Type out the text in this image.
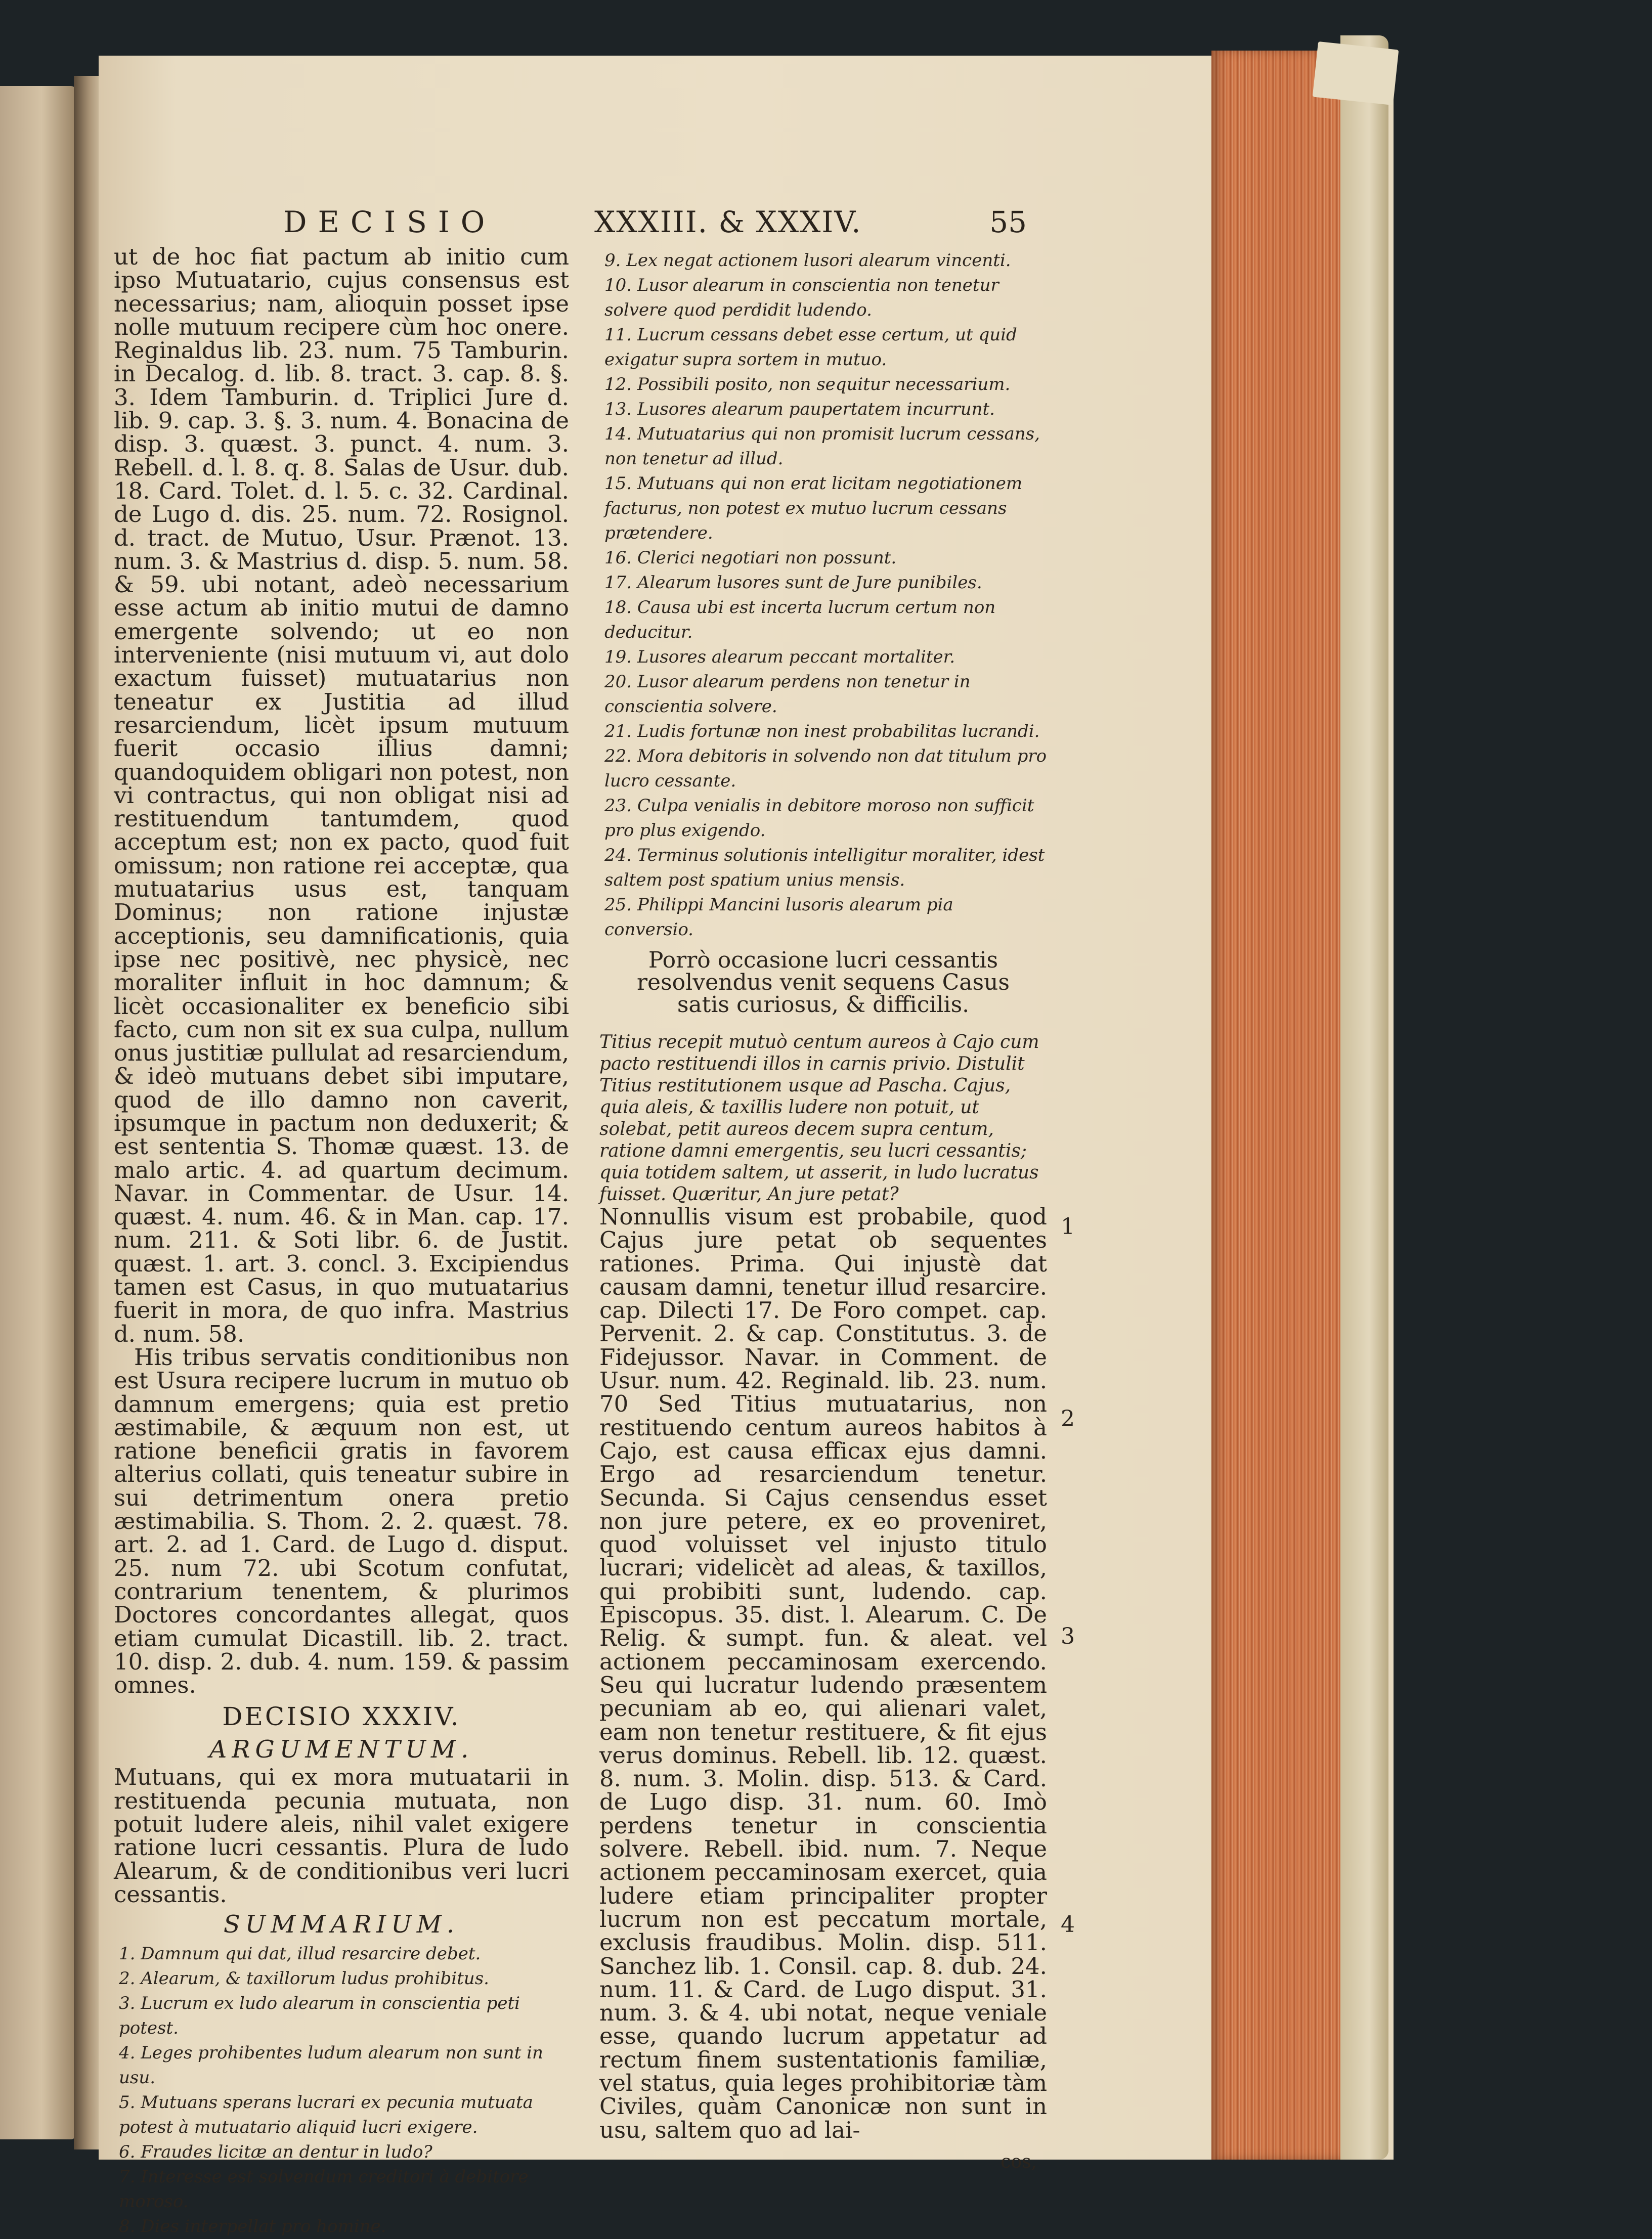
DECISIO	XXXIII. & XXXIV.	55

ut de hoc fiat pactum ab initio cum ipso Mutuatario, cujus consensus est necessarius; nam, alioquin posset ipse nolle mutuum recipere cùm hoc onere. Reginaldus lib. 23. num. 75 Tamburin. in Decalog. d. lib. 8. tract. 3. cap. 8. §. 3. Idem Tamburin. d. Triplici Jure d. lib. 9. cap. 3. §. 3. num. 4. Bonacina de disp. 3. quæst. 3. punct. 4. num. 3. Rebell. d. l. 8. q. 8. Salas de Usur. dub. 18. Card. Tolet. d. l. 5. c. 32. Cardinal. de Lugo d. dis. 25. num. 72. Rosignol. d. tract. de Mutuo, Usur. Prænot. 13. num. 3. & Mastrius d. disp. 5. num. 58. & 59. ubi notant, adeò necessarium esse actum ab initio mutui de damno emergente solvendo; ut eo non interveniente (nisi mutuum vi, aut dolo exactum fuisset) mutuatarius non teneatur ex Justitia ad illud resarciendum, licèt ipsum mutuum fuerit occasio illius damni; quandoquidem obligari non potest, non vi contractus, qui non obligat nisi ad restituendum tantumdem, quod acceptum est; non ex pacto, quod fuit omissum; non ratione rei acceptæ, qua mutuatarius usus est, tanquam Dominus; non ratione injustæ acceptionis, seu damnificationis, quia ipse nec positivè, nec physicè, nec moraliter influit in hoc damnum; & licèt occasionaliter ex beneficio sibi facto, cum non sit ex sua culpa, nullum onus justitiæ pullulat ad resarciendum, & ideò mutuans debet sibi imputare, quod de illo damno non caverit, ipsumque in pactum non deduxerit; & est sententia S. Thomæ quæst. 13. de malo artic. 4. ad quartum decimum. Navar. in Commentar. de Usur. 14. quæst. 4. num. 46. & in Man. cap. 17. num. 211. & Soti libr. 6. de Justit. quæst. 1. art. 3. concl. 3. Excipiendus tamen est Casus, in quo mutuatarius fuerit in mora, de quo infra. Mastrius d. num. 58.

His tribus servatis conditionibus non est Usura recipere lucrum in mutuo ob damnum emergens; quia est pretio æstimabile, & æquum non est, ut ratione beneficii gratis in favorem alterius collati, quis teneatur subire in sui detrimentum onera pretio æstimabilia. S. Thom. 2. 2. quæst. 78. art. 2. ad 1. Card. de Lugo d. disput. 25. num 72. ubi Scotum confutat, contrarium tenentem, & plurimos Doctores concordantes allegat, quos etiam cumulat Dicastill. lib. 2. tract. 10. disp. 2. dub. 4. num. 159. & passim omnes.

DECISIO XXXIV.
ARGUMENTUM.

Mutuans, qui ex mora mutuatarii in restituenda pecunia mutuata, non potuit ludere aleis, nihil valet exigere ratione lucri cessantis. Plura de ludo Alearum, & de conditionibus veri lucri cessantis.

SUMMARIUM.
1. Damnum qui dat, illud resarcire debet.
2. Alearum, & taxillorum ludus prohibitus.
3. Lucrum ex ludo alearum in conscientia peti potest.
4. Leges prohibentes ludum alearum non sunt in usu.
5. Mutuans sperans lucrari ex pecunia mutuata potest à mutuatario aliquid lucri exigere.
6. Fraudes licitæ an dentur in ludo?
7. Interesse est solvendum creditori à debitore moroso.
8. Dies interpellat pro homine.
9. Lex negat actionem lusori alearum vincenti.
10. Lusor alearum in conscientia non tenetur solvere quod perdidit ludendo.
11. Lucrum cessans debet esse certum, ut quid exigatur supra sortem in mutuo.
12. Possibili posito, non sequitur necessarium.
13. Lusores alearum paupertatem incurrunt.
14. Mutuatarius qui non promisit lucrum cessans, non tenetur ad illud.
15. Mutuans qui non erat licitam negotiationem facturus, non potest ex mutuo lucrum cessans prætendere.
16. Clerici negotiari non possunt.
17. Alearum lusores sunt de Jure punibiles.
18. Causa ubi est incerta lucrum certum non deducitur.
19. Lusores alearum peccant mortaliter.
20. Lusor alearum perdens non tenetur in conscientia solvere.
21. Ludis fortunæ non inest probabilitas lucrandi.
22. Mora debitoris in solvendo non dat titulum pro lucro cessante.
23. Culpa venialis in debitore moroso non sufficit pro plus exigendo.
24. Terminus solutionis intelligitur moraliter, idest saltem post spatium unius mensis.
25. Philippi Mancini lusoris alearum pia conversio.
Porrò occasione lucri cessantis resolvendus venit sequens Casus satis curiosus, & difficilis.

Titius recepit mutuò centum aureos à Cajo cum pacto restituendi illos in carnis privio. Distulit Titius restitutionem usque ad Pascha. Cajus, quia aleis, & taxillis ludere non potuit, ut solebat, petit aureos decem supra centum, ratione damni emergentis, seu lucri cessantis; quia totidem saltem, ut asserit, in ludo lucratus fuisset. Quæritur, An jure petat?

Nonnullis visum est probabile, quod Cajus jure petat ob sequentes rationes. Prima. Qui injustè dat causam damni, tenetur illud resarcire. cap. Dilecti 17. De Foro compet. cap. Pervenit. 2. & cap. Constitutus. 3. de Fidejussor. Navar. in Comment. de Usur. num. 42. Reginald. lib. 23. num. 70 Sed Titius mutuatarius, non restituendo centum aureos habitos à Cajo, est causa efficax ejus damni. Ergo ad resarciendum tenetur. Secunda. Si Cajus censendus esset non jure petere, ex eo proveniret, quod voluisset vel injusto titulo lucrari; videlicèt ad aleas, & taxillos, qui probibiti sunt, ludendo. cap. Episcopus. 35. dist. l. Alearum. C. De Relig. & sumpt. fun. & aleat. vel actionem peccaminosam exercendo. Seu qui lucratur ludendo præsentem pecuniam ab eo, qui alienari valet, eam non tenetur restituere, & fit ejus verus dominus. Rebell. lib. 12. quæst. 8. num. 3. Molin. disp. 513. & Card. de Lugo disp. 31. num. 60. Imò perdens tenetur in conscientia solvere. Rebell. ibid. num. 7. Neque actionem peccaminosam exercet, quia ludere etiam principaliter propter lucrum non est peccatum mortale, exclusis fraudibus. Molin. disp. 511. Sanchez lib. 1. Consil. cap. 8. dub. 24. num. 11. & Card. de Lugo disput. 31. num. 3. & 4. ubi notat, neque veniale esse, quando lucrum appetatur ad rectum finem sustentationis familiæ, vel status, quia leges prohibitoriæ tàm Civiles, quàm Canonicæ non sunt in usu, saltem quo ad lai-

cos,
1
2
3
4
